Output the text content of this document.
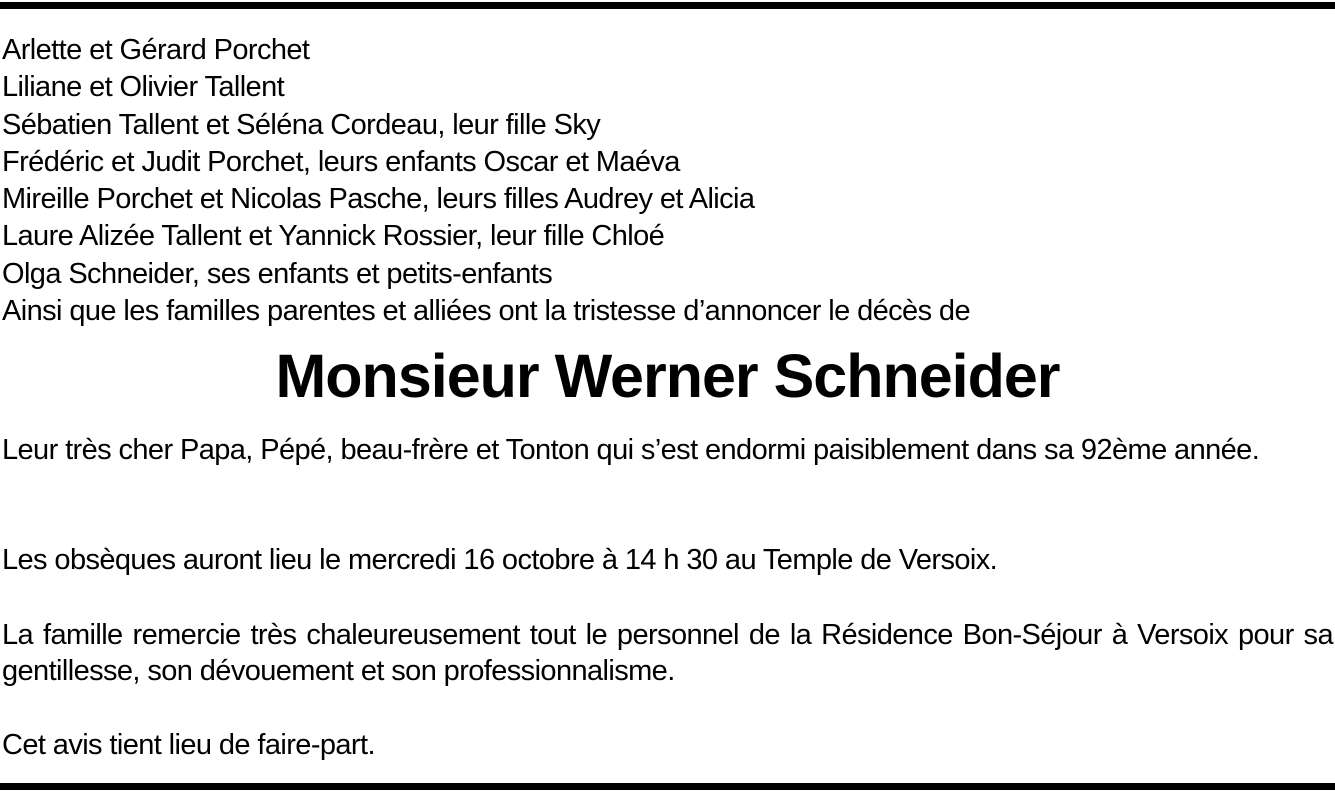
Arlette et Gérard Porchet
Liliane et Olivier Tallent
Sébatien Tallent et Séléna Cordeau, leur fille Sky
Frédéric et Judit Porchet, leurs enfants Oscar et Maéva
Mireille Porchet et Nicolas Pasche, leurs filles Audrey et Alicia
Laure Alizée Tallent et Yannick Rossier, leur fille Chloé
Olga Schneider, ses enfants et petits-enfants
Ainsi que les familles parentes et alliées ont la tristesse d’annoncer le décès de
Monsieur Werner Schneider

Leur très cher Papa, Pépé, beau-frère et Tonton qui s’est endormi paisiblement dans sa 92ème année.

Les obsèques auront lieu le mercredi 16 octobre à 14 h 30 au Temple de Versoix.

La famille remercie très chaleureusement tout le personnel de la Résidence Bon-Séjour à Versoix pour sa gentillesse, son dévouement et son professionnalisme.

Cet avis tient lieu de faire-part.
